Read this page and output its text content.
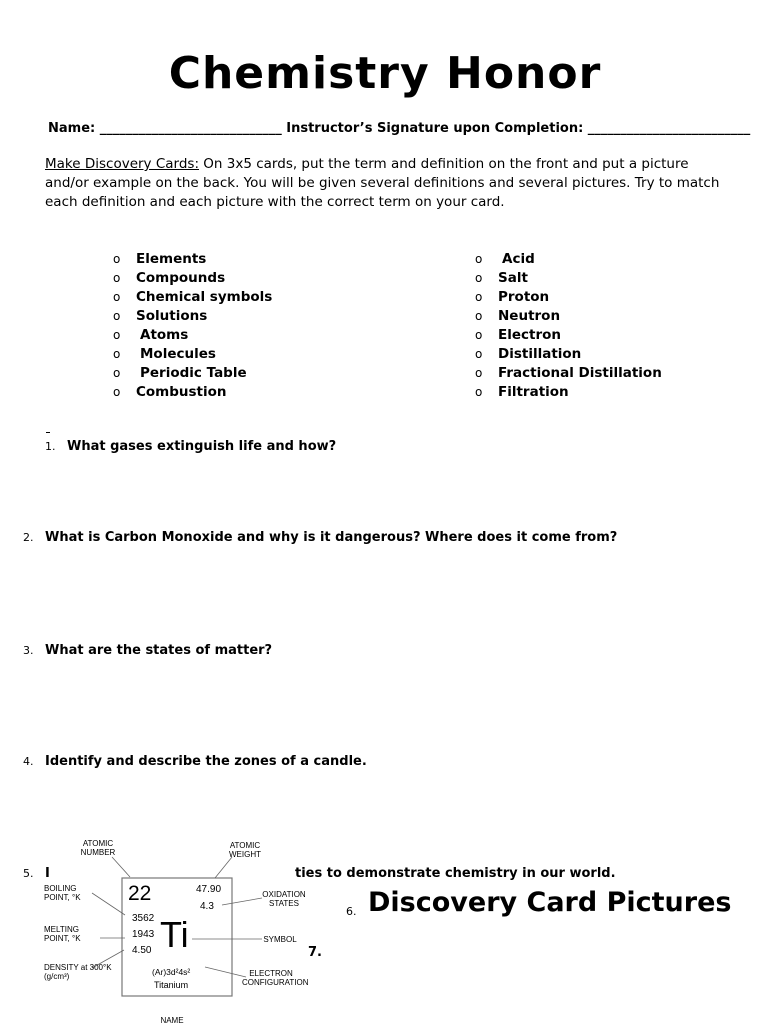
Chemistry Honor
Name: ____________________________ Instructor’s Signature upon Completion: _________________________
Make Discovery Cards: On 3x5 cards, put the term and definition on the front and put a picture and/or example on the back. You will be given several definitions and several pictures. Try to match each definition and each picture with the correct term on your card.
o Elements
o Compounds
o Chemical symbols
o Solutions
o Atoms
o Molecules
o Periodic Table
o Combustion
o Acid
o Salt
o Proton
o Neutron
o Electron
o Distillation
o Fractional Distillation
o Filtration
1. What gases extinguish life and how?
2. What is Carbon Monoxide and why is it dangerous? Where does it come from?
3. What are the states of matter?
4. Identify and describe the zones of a candle.
5. I	ties to demonstrate chemistry in our world.
6. Discovery Card Pictures
7.
ATOMIC NUMBER
ATOMIC WEIGHT
BOILING POINT, °K	OXIDATION STATES
MELTING POINT, °K	SYMBOL
DENSITY at 300°K (g/cm³)	ELECTRON CONFIGURATION
NAME
22	47.90
4.3
3562
1943
4.50 Ti
(Ar)3d²4s²
Titanium
